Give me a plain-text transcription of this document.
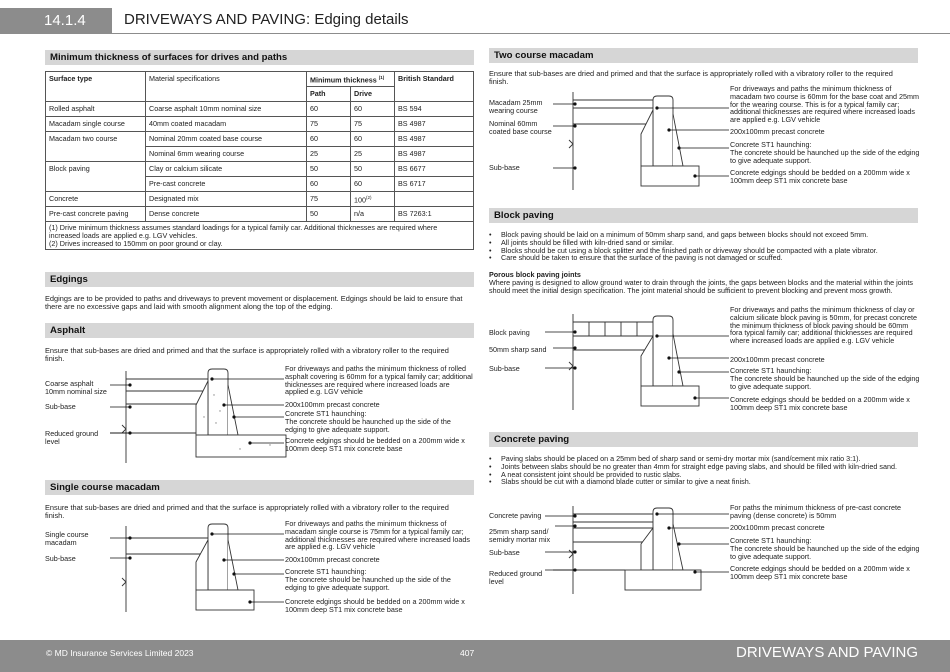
14.1.4	DRIVEWAYS AND PAVING: Edging details
Minimum thickness of surfaces for drives and paths
Surface type	Material specifications	Minimum thickness $^{(1)}$		British Standard
		Path	Drive	
Rolled asphalt	Coarse asphalt 10mm nominal size	60	60	BS 594
Macadam single course	40mm coated macadam	75	75	BS 4987
Macadam two course	Nominal 20mm coated base course	60	60	BS 4987
	Nominal 6mm wearing course	25	25	BS 4987
Block paving	Clay or calcium silicate	50	50	BS 6677
	Pre-cast concrete	60	60	BS 6717
Concrete	Designated mix	75	100$^{(2)}$	
Pre-cast concrete paving	Dense concrete	50	n/a	BS 7263:1
(1) Drive minimum thickness assumes standard loadings for a typical family car. Additional thicknesses are required where increased loads are applied e.g. LGV vehicles.
(2) Drives increased to 150mm on poor ground or clay.
Edgings

Edgings are to be provided to paths and driveways to prevent movement or displacement. Edgings should be laid to ensure that there are no excessive gaps and laid with smooth alignment along the top of the edging.

Asphalt

Ensure that sub-bases are dried and primed and that the surface is appropriately rolled with a vibratory roller to the required finish.

Coarse asphalt
10mm nominal size
Sub-base
Reduced ground
level
For driveways and paths the minimum thickness of rolled asphalt covering is 60mm for a typical family car; additional thicknesses are required where increased loads are applied e.g. LGV vehicle
200x100mm precast concrete
Concrete ST1 haunching:
The concrete should be haunched up the side of the edging to give adequate support.
Concrete edgings should be bedded on a 200mm wide x 100mm deep ST1 mix concrete base
Single course macadam

Ensure that sub-bases are dried and primed and that the surface is appropriately rolled with a vibratory roller to the required finish.

Single course
macadam
Sub-base
For driveways and paths the minimum thickness of macadam single course is 75mm for a typical family car; additional thicknesses are required where increased loads are applied e.g. LGV vehicle
200x100mm precast concrete
Concrete ST1 haunching:
The concrete should be haunched up the side of the edging to give adequate support.
Concrete edgings should be bedded on a 200mm wide x 100mm deep ST1 mix concrete base
Two course macadam

Ensure that sub-bases are dried and primed and that the surface is appropriately rolled with a vibratory roller to the required finish.

Macadam 25mm
wearing course
Nominal 60mm
coated base course
Sub-base
For driveways and paths the minimum thickness of macadam two course is 60mm for the base coat and 25mm for the wearing course. This is for a typical family car; additional thicknesses are required where increased loads are applied e.g. LGV vehicle
200x100mm precast concrete
Concrete ST1 haunching:
The concrete should be haunched up the side of the edging to give adequate support.
Concrete edgings should be bedded on a 200mm wide x 100mm deep ST1 mix concrete base
Block paving
• Block paving should be laid on a minimum of 50mm sharp sand, and gaps between blocks should not exceed 5mm.
• All joints should be filled with kiln-dried sand or similar.
• Blocks should be cut using a block splitter and the finished path or driveway should be compacted with a plate vibrator.
• Care should be taken to ensure that the surface of the paving is not damaged or scuffed.
Porous block paving joints

Where paving is designed to allow ground water to drain through the joints, the gaps between blocks and the material within the joints should meet the initial design specification. The joint material should be sufficient to prevent blocking and prevent moss growth.

Block paving
50mm sharp sand
Sub-base
For driveways and paths the minimum thickness of clay or calcium silicate block paving is 50mm, for precast concrete the minimum thickness of block paving should be 60mm fora typical family car; additional thicknesses are required where increased loads are applied e.g. LGV vehicle
200x100mm precast concrete
Concrete ST1 haunching:
The concrete should be haunched up the side of the edging to give adequate support.
Concrete edgings should be bedded on a 200mm wide x 100mm deep ST1 mix concrete base
Concrete paving
• Paving slabs should be placed on a 25mm bed of sharp sand or semi-dry mortar mix (sand/cement mix ratio 3:1).
• Joints between slabs should be no greater than 4mm for straight edge paving slabs, and should be filled with kiln-dried sand.
• A neat consistent joint should be provided to rustic slabs.
• Slabs should be cut with a diamond blade cutter or similar to give a neat finish.
Concrete paving
25mm sharp sand/
semidry mortar mix
Sub-base
Reduced ground
level
For paths the minimum thickness of pre-cast concrete paving (dense concrete) is 50mm
200x100mm precast concrete
Concrete ST1 haunching:
The concrete should be haunched up the side of the edging to give adequate support.
Concrete edgings should be bedded on a 200mm wide x 100mm deep ST1 mix concrete base
© MD Insurance Services Limited 2023	407	DRIVEWAYS AND PAVING
